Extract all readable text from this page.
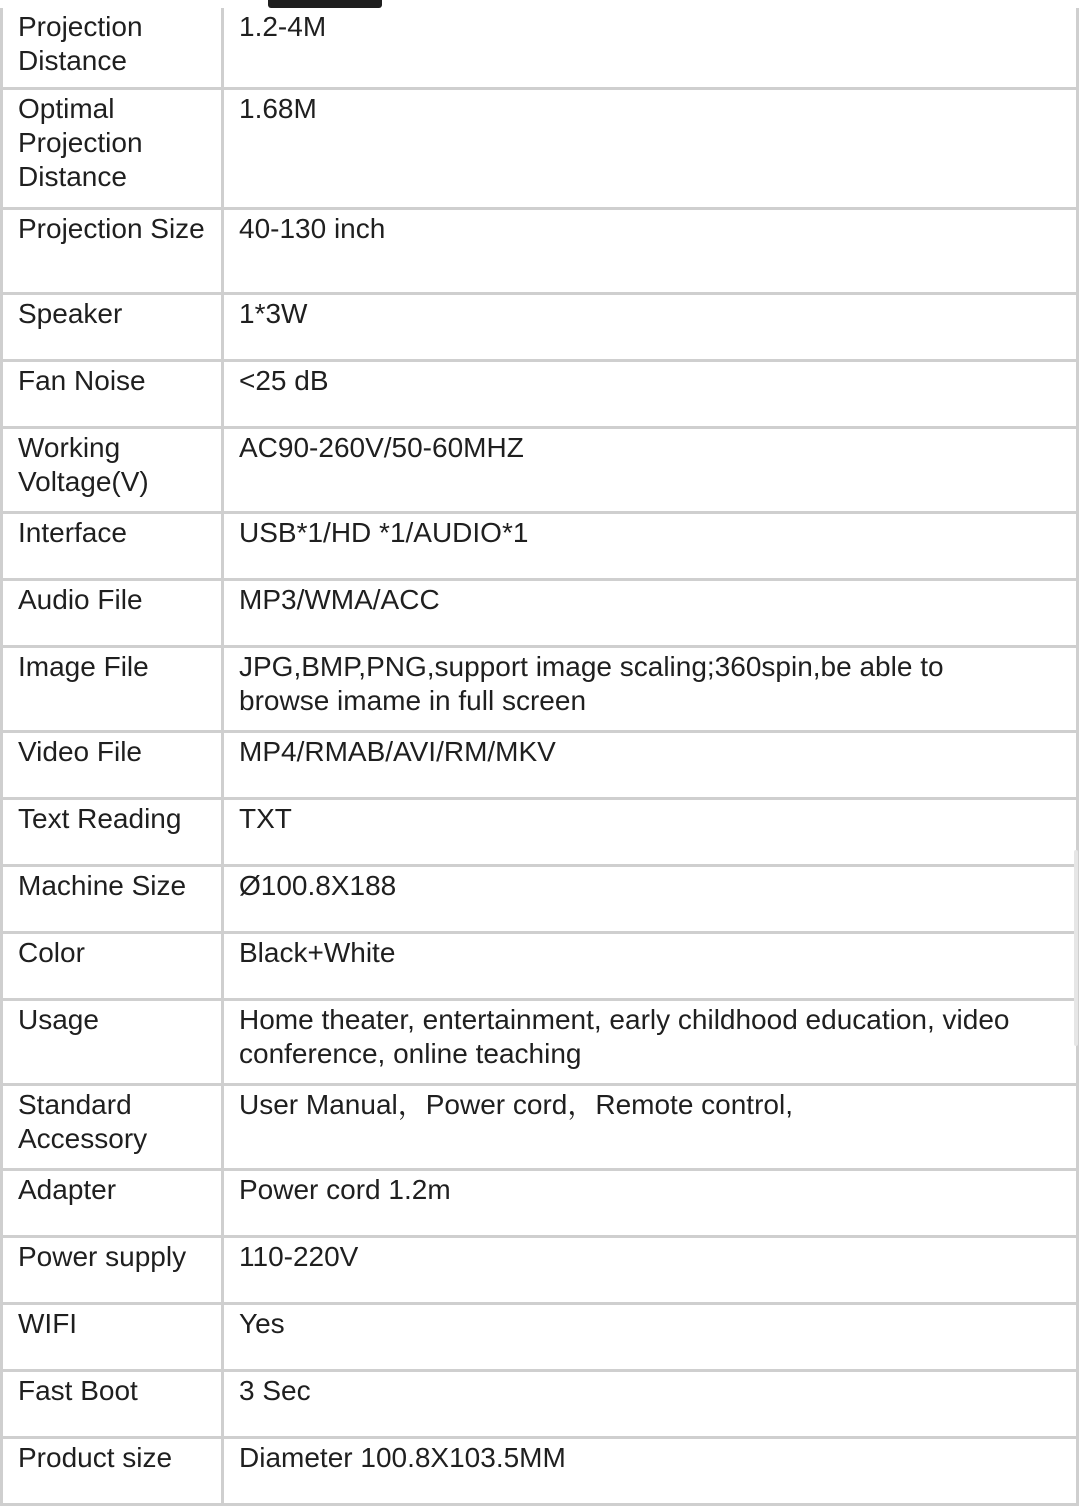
Projection Distance	1.2-4M
Optimal Projection Distance	1.68M
Projection Size	40-130 inch
Speaker	1*3W
Fan Noise	<25 dB
Working Voltage(V)	AC90-260V/50-60MHZ
Interface	USB*1/HD *1/AUDIO*1
Audio File	MP3/WMA/ACC
Image File	JPG,BMP,PNG,support image scaling;360spin,be able to browse imame in full screen
Video File	MP4/RMAB/AVI/RM/MKV
Text Reading	TXT
Machine Size	Ø100.8X188
Color	Black+White
Usage	Home theater, entertainment, early childhood education, video conference, online teaching
Standard Accessory	User Manual，Power cord，Remote control,
Adapter	Power cord 1.2m
Power supply	110-220V
WIFI	Yes
Fast Boot	3 Sec
Product size	Diameter 100.8X103.5MM
